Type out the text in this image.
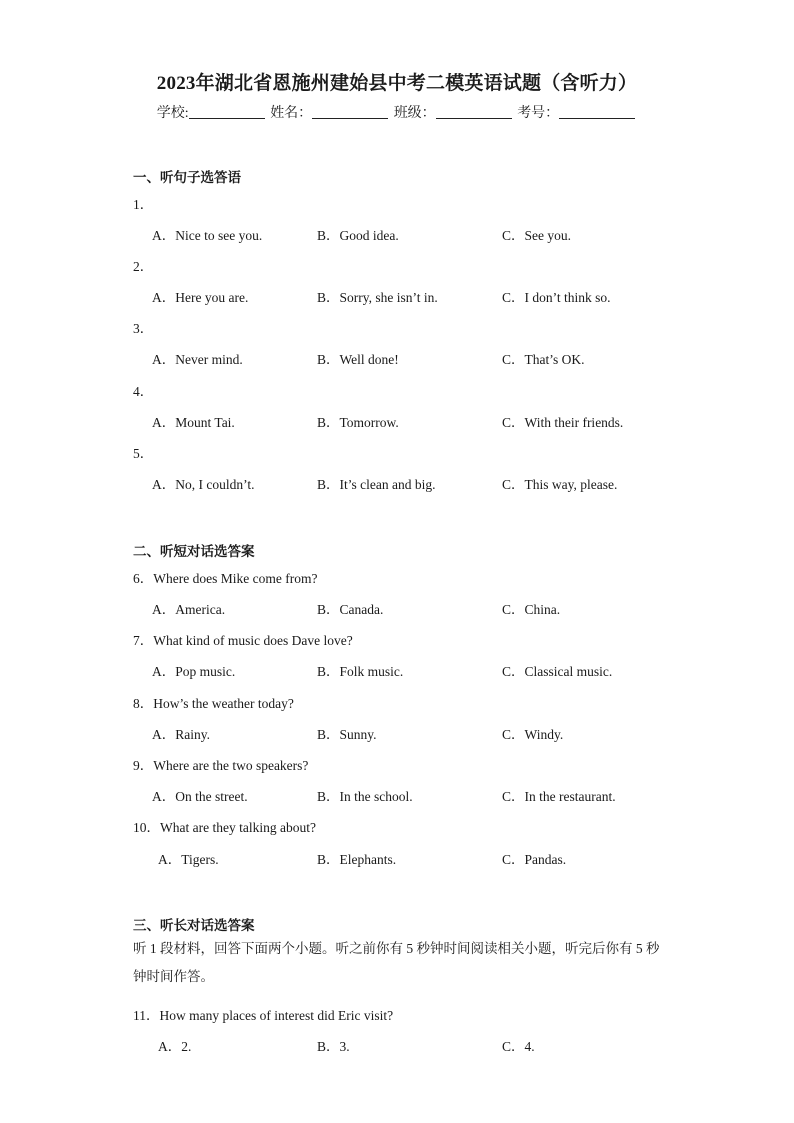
2023年湖北省恩施州建始县中考二模英语试题（含听力）
学校:	姓名：	班级：	考号：
一、听句子选答语
1．
A．Nice to see you.	B．Good idea.	C．See you.
2．
A．Here you are.	B．Sorry, she isn’t in.	C．I don’t think so.
3．
A．Never mind.	B．Well done!	C．That’s OK.
4．
A．Mount Tai.	B．Tomorrow.	C．With their friends.
5．
A．No, I couldn’t.	B．It’s clean and big.	C．This way, please.
二、听短对话选答案
6．Where does Mike come from?
A．America.	B．Canada.	C．China.
7．What kind of music does Dave love?
A．Pop music.	B．Folk music.	C．Classical music.
8．How’s the weather today?
A．Rainy.	B．Sunny.	C．Windy.
9．Where are the two speakers?
A．On the street.	B．In the school.	C．In the restaurant.
10．What are they talking about?
A．Tigers.	B．Elephants.	C．Pandas.
三、听长对话选答案
听 1 段材料，回答下面两个小题。听之前你有 5 秒钟时间阅读相关小题，听完后你有 5 秒钟时间作答。
11．How many places of interest did Eric visit?
A．2.	B．3.	C．4.
